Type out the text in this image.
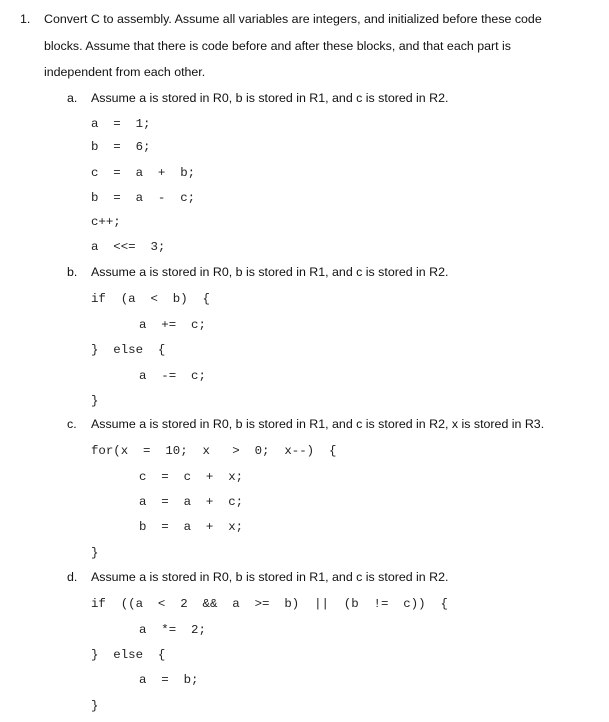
1. Convert C to assembly. Assume all variables are integers, and initialized before these code
blocks. Assume that there is code before and after these blocks, and that each part is
independent from each other.
a. Assume a is stored in R0, b is stored in R1, and c is stored in R2.
a  =  1;
b  =  6;
c  =  a  +  b;
b  =  a  -  c;
c++;
a  <<=  3;
b. Assume a is stored in R0, b is stored in R1, and c is stored in R2.
if  (a  <  b)  {
a  +=  c;
}  else  {
a  -=  c;
}
c. Assume a is stored in R0, b is stored in R1, and c is stored in R2, x is stored in R3.
for(x  =  10;  x   >  0;  x--)  {
c  =  c  +  x;
a  =  a  +  c;
b  =  a  +  x;
}
d. Assume a is stored in R0, b is stored in R1, and c is stored in R2.
if  ((a  <  2  &&  a  >=  b)  ||  (b  !=  c))  {
a  *=  2;
}  else  {
a  =  b;
}
